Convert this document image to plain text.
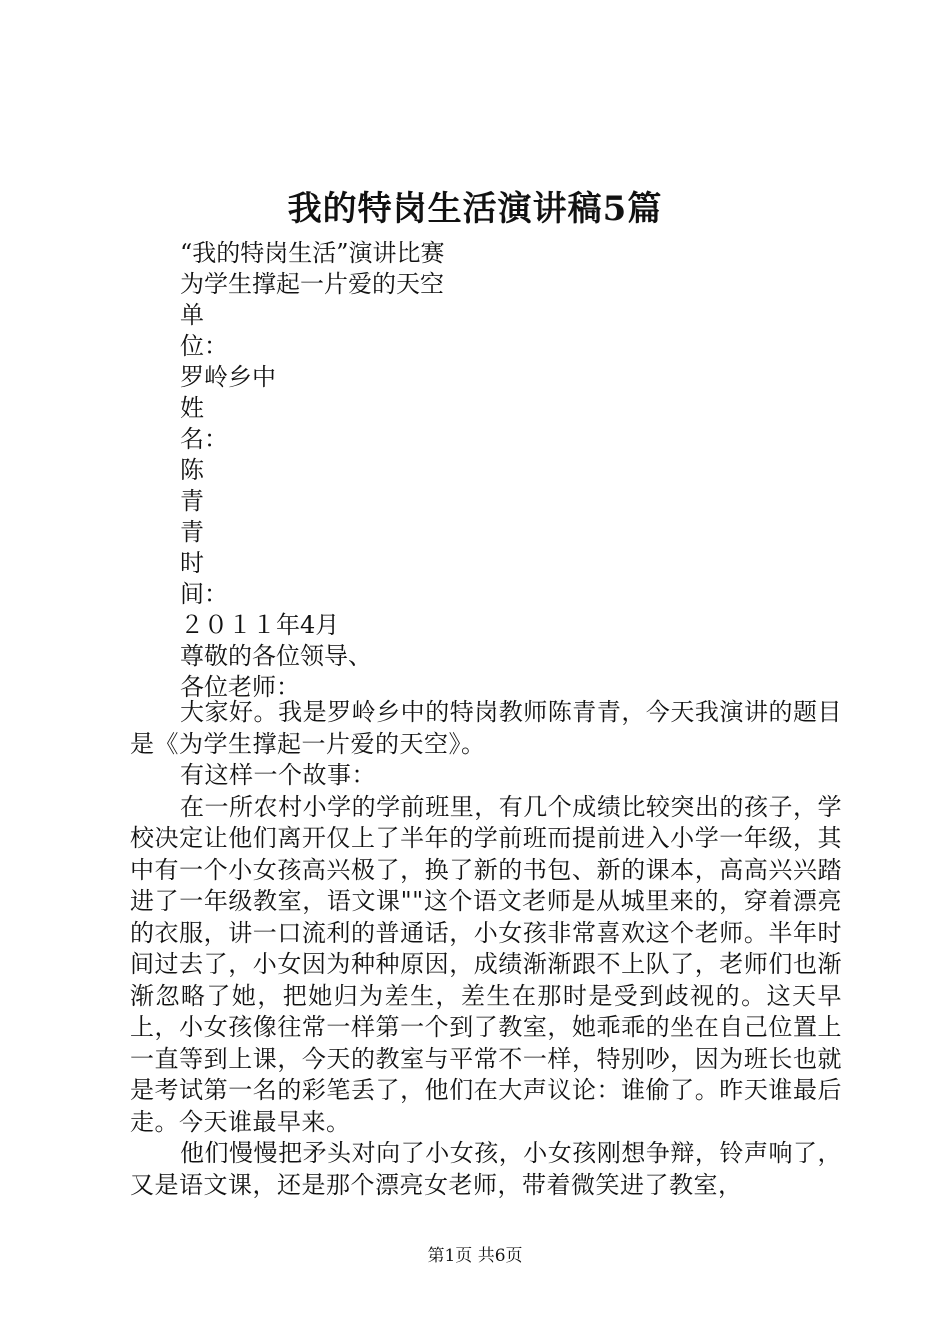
我的特岗生活演讲稿5篇
“我的特岗生活”演讲比赛
为学生撑起一片爱的天空
单
位：
罗岭乡中
姓
名：
陈
青
青
时
间：
２０１１年4月
尊敬的各位领导、
各位老师：

大家好。我是罗岭乡中的特岗教师陈青青，今天我演讲的题目是《为学生撑起一片爱的天空》。

有这样一个故事：

在一所农村小学的学前班里，有几个成绩比较突出的孩子，学校决定让他们离开仅上了半年的学前班而提前进入小学一年级，其中有一个小女孩高兴极了，换了新的书包、新的课本，高高兴兴踏进了一年级教室，语文课""这个语文老师是从城里来的，穿着漂亮的衣服，讲一口流利的普通话，小女孩非常喜欢这个老师。半年时间过去了，小女因为种种原因，成绩渐渐跟不上队了，老师们也渐渐忽略了她，把她归为差生，差生在那时是受到歧视的。这天早上，小女孩像往常一样第一个到了教室，她乖乖的坐在自己位置上一直等到上课，今天的教室与平常不一样，特别吵，因为班长也就是考试第一名的彩笔丢了，他们在大声议论：谁偷了。昨天谁最后走。今天谁最早来。

他们慢慢把矛头对向了小女孩，小女孩刚想争辩，铃声响了，又是语文课，还是那个漂亮女老师，带着微笑进了教室，

第1页 共6页
